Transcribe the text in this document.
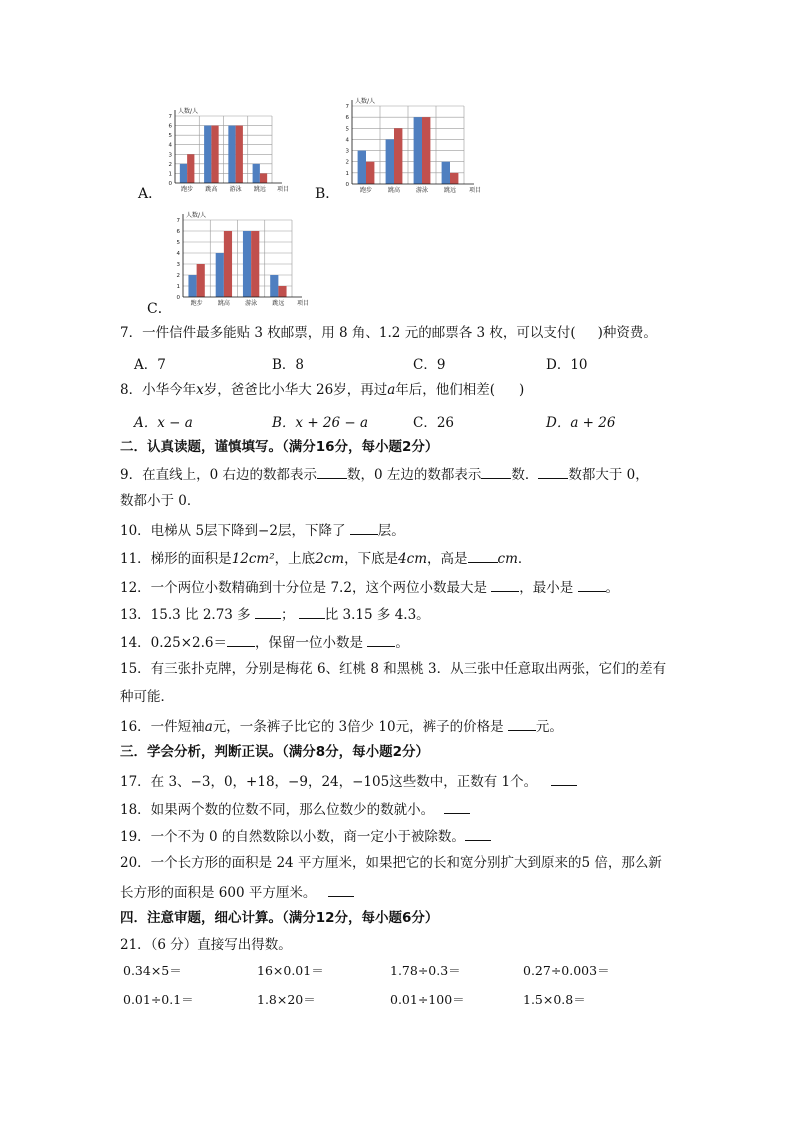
A．	B．
C．
人数/人
0
1
2
3
4
5
6
7
跑步 跳高 游泳 跳远 项目
人数/人
0
1
2
3
4
5
6
7
跑步	跳高	游泳	跳远 项目
人数/人
0
1
2
3
4
5
6
7
跑步	跳高	游泳	跳远 项目
7．一件信件最多能贴 3 枚邮票，用 8 角、1.2 元的邮票各 3 枚，可以支付( )种资费。
A．7	B．8	C．9	D．10
8．小华今年x岁，爸爸比小华大 26岁，再过a年后，他们相差( )
A．x − a	B．x + 26 − a	C．26	D．a + 26
二．认真读题，谨慎填写。（满分16分，每小题2分）
9．在直线上，0 右边的数都表示 数，0 左边的数都表示 数． 数都大于 0，
数都小于 0．
10．电梯从 5层下降到−2层，下降了 层。
11．梯形的面积是12cm²，上底2cm，下底是4cm，高是 cm．
12．一个两位小数精确到十分位是 7.2，这个两位小数最大是 ，最小是 。
13．15.3 比 2.73 多 ； 比 3.15 多 4.3。
14．0.25×2.6＝ ，保留一位小数是 。
15．有三张扑克牌，分别是梅花 6、红桃 8 和黑桃 3．从三张中任意取出两张，它们的差有
种可能．
16．一件短袖a元，一条裤子比它的 3倍少 10元，裤子的价格是 元。
三．学会分析，判断正误。（满分8分，每小题2分）
17．在 3、−3，0，+18，−9，24，−105这些数中，正数有 1个。
18．如果两个数的位数不同，那么位数少的数就小。
19．一个不为 0 的自然数除以小数，商一定小于被除数。
20．一个长方形的面积是 24 平方厘米，如果把它的长和宽分别扩大到原来的5 倍，那么新
长方形的面积是 600 平方厘米。
四．注意审题，细心计算。（满分12分，每小题6分）
21．（6 分）直接写出得数。
0.34×5＝	16×0.01＝	1.78÷0.3＝	0.27÷0.003＝
0.01÷0.1＝	1.8×20＝	0.01÷100＝	1.5×0.8＝
